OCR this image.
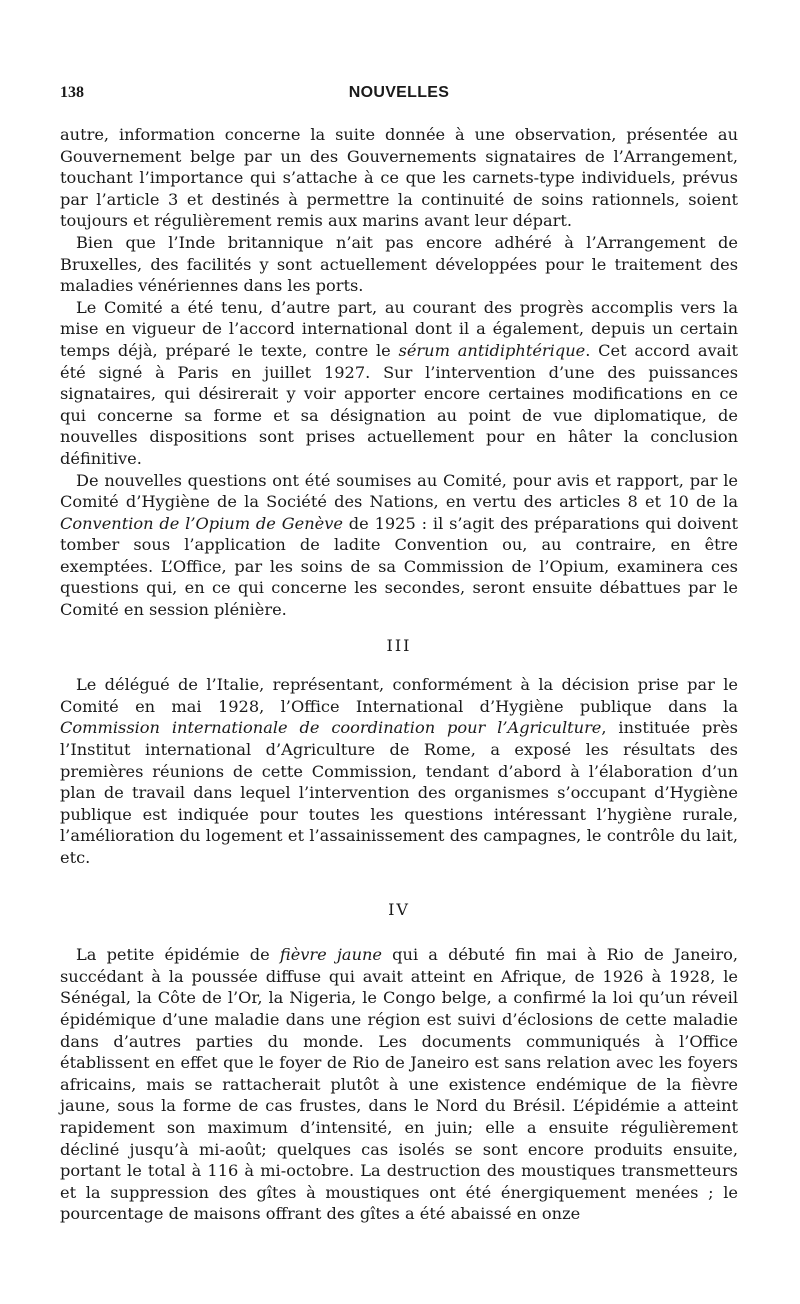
138	NOUVELLES

autre, information concerne la suite donnée à une observation, présentée au Gouvernement belge par un des Gouvernements signataires de l’Arrangement, touchant l’importance qui s’attache à ce que les carnets-type individuels, prévus par l’article 3 et destinés à permettre la continuité de soins rationnels, soient toujours et régulièrement remis aux marins avant leur départ.

Bien que l’Inde britannique n’ait pas encore adhéré à l’Arrangement de Bruxelles, des facilités y sont actuellement développées pour le traitement des maladies vénériennes dans les ports.

Le Comité a été tenu, d’autre part, au courant des progrès accomplis vers la mise en vigueur de l’accord international dont il a également, depuis un certain temps déjà, préparé le texte, contre le sérum antidiphtérique. Cet accord avait été signé à Paris en juillet 1927. Sur l’intervention d’une des puissances signataires, qui désirerait y voir apporter encore certaines modifications en ce qui concerne sa forme et sa désignation au point de vue diplomatique, de nouvelles dispositions sont prises actuellement pour en hâter la conclusion définitive.

De nouvelles questions ont été soumises au Comité, pour avis et rapport, par le Comité d’Hygiène de la Société des Nations, en vertu des articles 8 et 10 de la Convention de l’Opium de Genève de 1925 : il s’agit des préparations qui doivent tomber sous l’application de ladite Convention ou, au contraire, en être exemptées. L’Office, par les soins de sa Commission de l’Opium, examinera ces questions qui, en ce qui concerne les secondes, seront ensuite débattues par le Comité en session plénière.

III

Le délégué de l’Italie, représentant, conformément à la décision prise par le Comité en mai 1928, l’Office International d’Hygiène publique dans la Commission internationale de coordination pour l’Agriculture, instituée près l’Institut international d’Agriculture de Rome, a exposé les résultats des premières réunions de cette Commission, tendant d’abord à l’élaboration d’un plan de travail dans lequel l’intervention des organismes s’occupant d’Hygiène publique est indiquée pour toutes les questions intéressant l’hygiène rurale, l’amélioration du logement et l’assainissement des campagnes, le contrôle du lait, etc.

IV

La petite épidémie de fièvre jaune qui a débuté fin mai à Rio de Janeiro, succédant à la poussée diffuse qui avait atteint en Afrique, de 1926 à 1928, le Sénégal, la Côte de l’Or, la Nigeria, le Congo belge, a confirmé la loi qu’un réveil épidémique d’une maladie dans une région est suivi d’éclosions de cette maladie dans d’autres parties du monde. Les documents communiqués à l’Office établissent en effet que le foyer de Rio de Janeiro est sans relation avec les foyers africains, mais se rattacherait plutôt à une existence endémique de la fièvre jaune, sous la forme de cas frustes, dans le Nord du Brésil. L’épidémie a atteint rapidement son maximum d’intensité, en juin; elle a ensuite régulièrement décliné jusqu’à mi-août; quelques cas isolés se sont encore produits ensuite, portant le total à 116 à mi-octobre. La destruction des moustiques transmetteurs et la suppression des gîtes à moustiques ont été énergiquement menées ; le pourcentage de maisons offrant des gîtes a été abaissé en onze
